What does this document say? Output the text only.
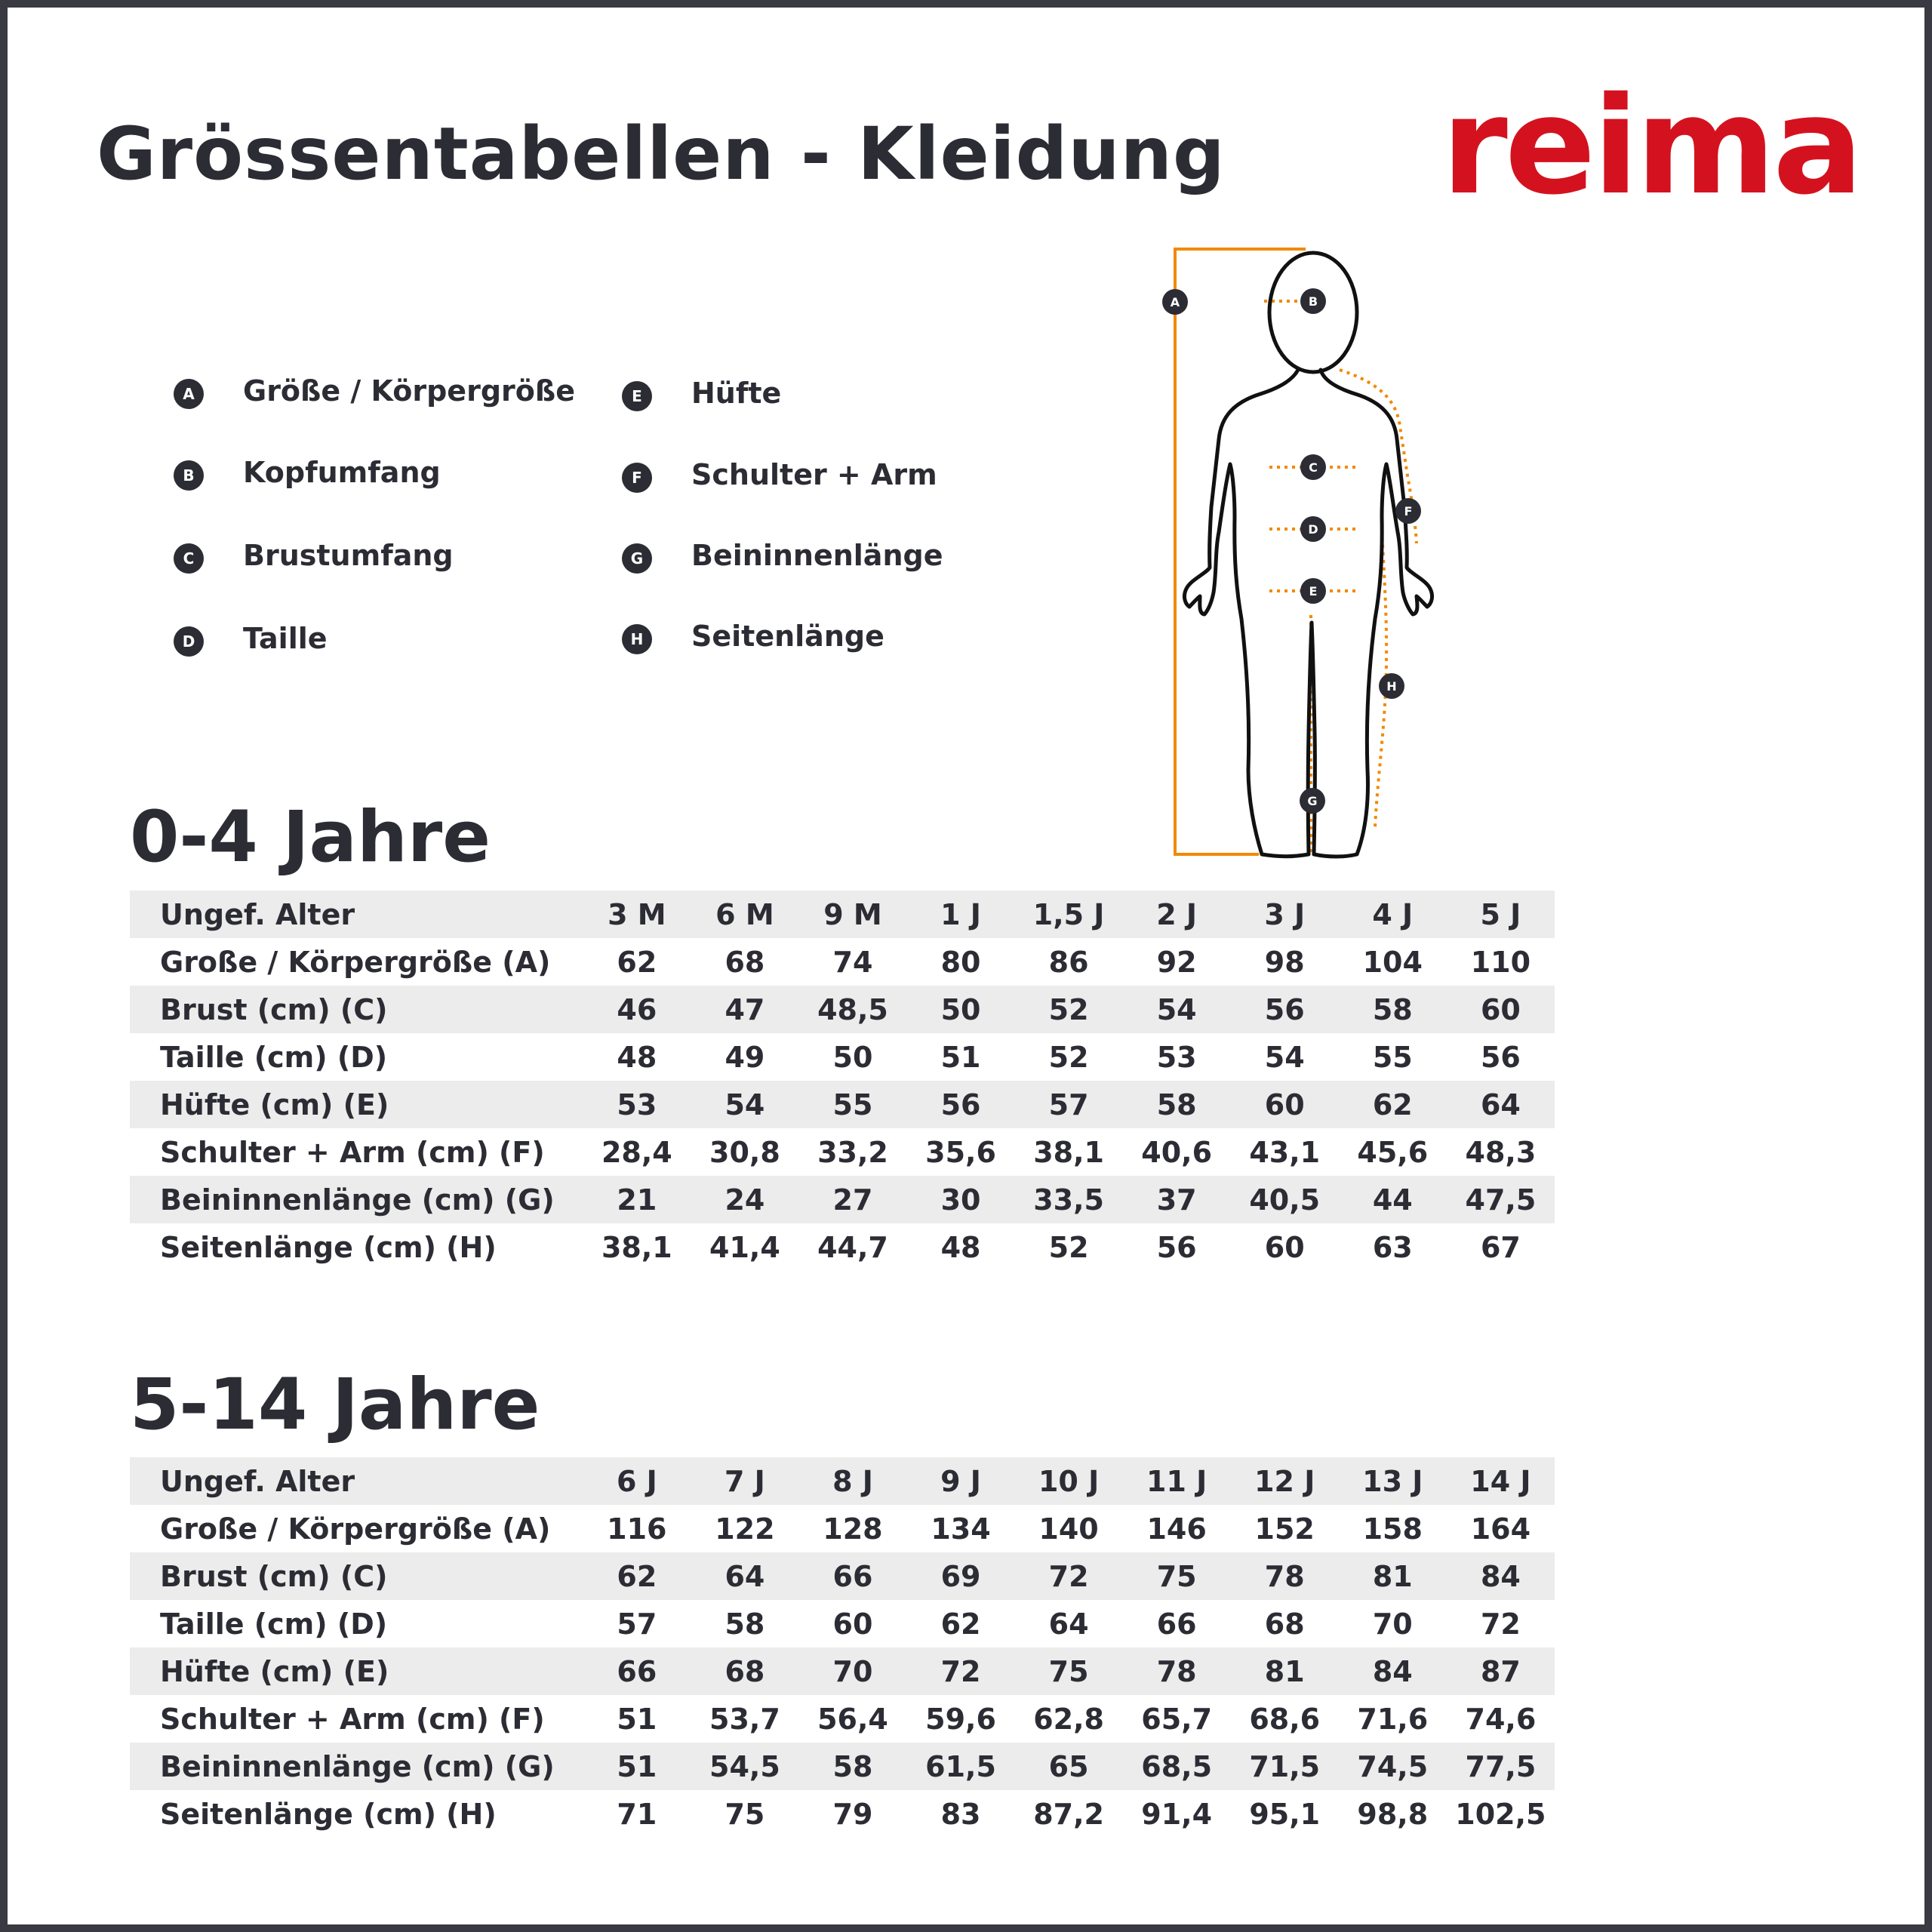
Grössentabellen - Kleidung reima
A	Größe / Körpergröße
B	Kopfumfang
C	Brustumfang
D	Taille
E	Hüfte
F	Schulter + Arm
G	Beininnenlänge
H	Seitenlänge
A	B
C
D
E
F
G
H
0-4 Jahre
Ungef. Alter	3 M	6 M	9 M	1 J	1,5 J	2 J	3 J	4 J	5 J
Große / Körpergröße (A)	62	68	74	80	86	92	98	104	110
Brust (cm) (C)	46	47	48,5	50	52	54	56	58	60
Taille (cm) (D)	48	49	50	51	52	53	54	55	56
Hüfte (cm) (E)	53	54	55	56	57	58	60	62	64
Schulter + Arm (cm) (F)	28,4	30,8	33,2	35,6	38,1	40,6	43,1	45,6	48,3
Beininnenlänge (cm) (G)	21	24	27	30	33,5	37	40,5	44	47,5
Seitenlänge (cm) (H)	38,1	41,4	44,7	48	52	56	60	63	67
5-14 Jahre
Ungef. Alter	6 J	7 J	8 J	9 J	10 J	11 J	12 J	13 J	14 J
Große / Körpergröße (A)	116	122	128	134	140	146	152	158	164
Brust (cm) (C)	62	64	66	69	72	75	78	81	84
Taille (cm) (D)	57	58	60	62	64	66	68	70	72
Hüfte (cm) (E)	66	68	70	72	75	78	81	84	87
Schulter + Arm (cm) (F)	51	53,7	56,4	59,6	62,8	65,7	68,6	71,6	74,6
Beininnenlänge (cm) (G)	51	54,5	58	61,5	65	68,5	71,5	74,5	77,5
Seitenlänge (cm) (H)	71	75	79	83	87,2	91,4	95,1	98,8	102,5
